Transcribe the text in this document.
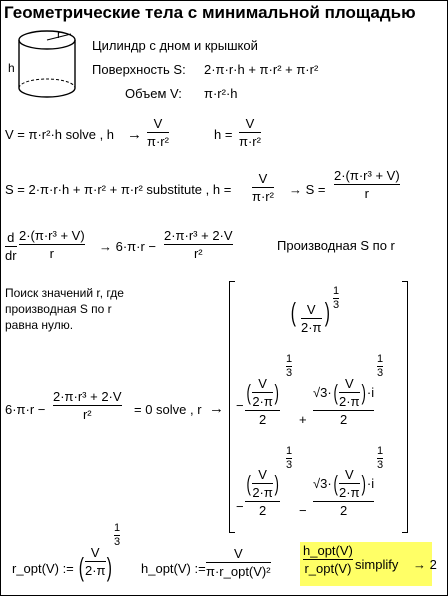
Геометрические тела с минимальной площадью
r
h
Цилиндр с дном и крышкой
Поверхность S: 2·π·r·h + π·r² + π·r²
Объем V: π·r²·h
V = π·r²·h solve , h →
V
π·r²	h =
V
π·r²
S = 2·π·r·h + π·r² + π·r² substitute , h =
V
π·r² → S =
2·(π·r³ + V)
r
d
dr
2·(π·r³ + V)
r	→ 6·π·r −
2·π·r³ + 2·V
r²
Производная S по r
Поиск значений r, где
производная S по r
равна нулю.
6·π·r −
2·π·r³ + 2·V
r²	= 0 solve , r →
( V
2·π
)
1
3
−
( $\frac{V}{2\cdot\pi}$ )
2
1
3
+
√3· ( $\frac{V}{2\cdot\pi}$ ) ·i
2
1
3
−
( $\frac{V}{2\cdot\pi}$ )
2
1
3
−
√3· ( $\frac{V}{2\cdot\pi}$ ) ·i
2
1
3
r_opt(V) := ( V
2·π )
1
3
h_opt(V) :=
V
π·r_opt(V)²
h_opt(V)
r_opt(V) simplify → 2
